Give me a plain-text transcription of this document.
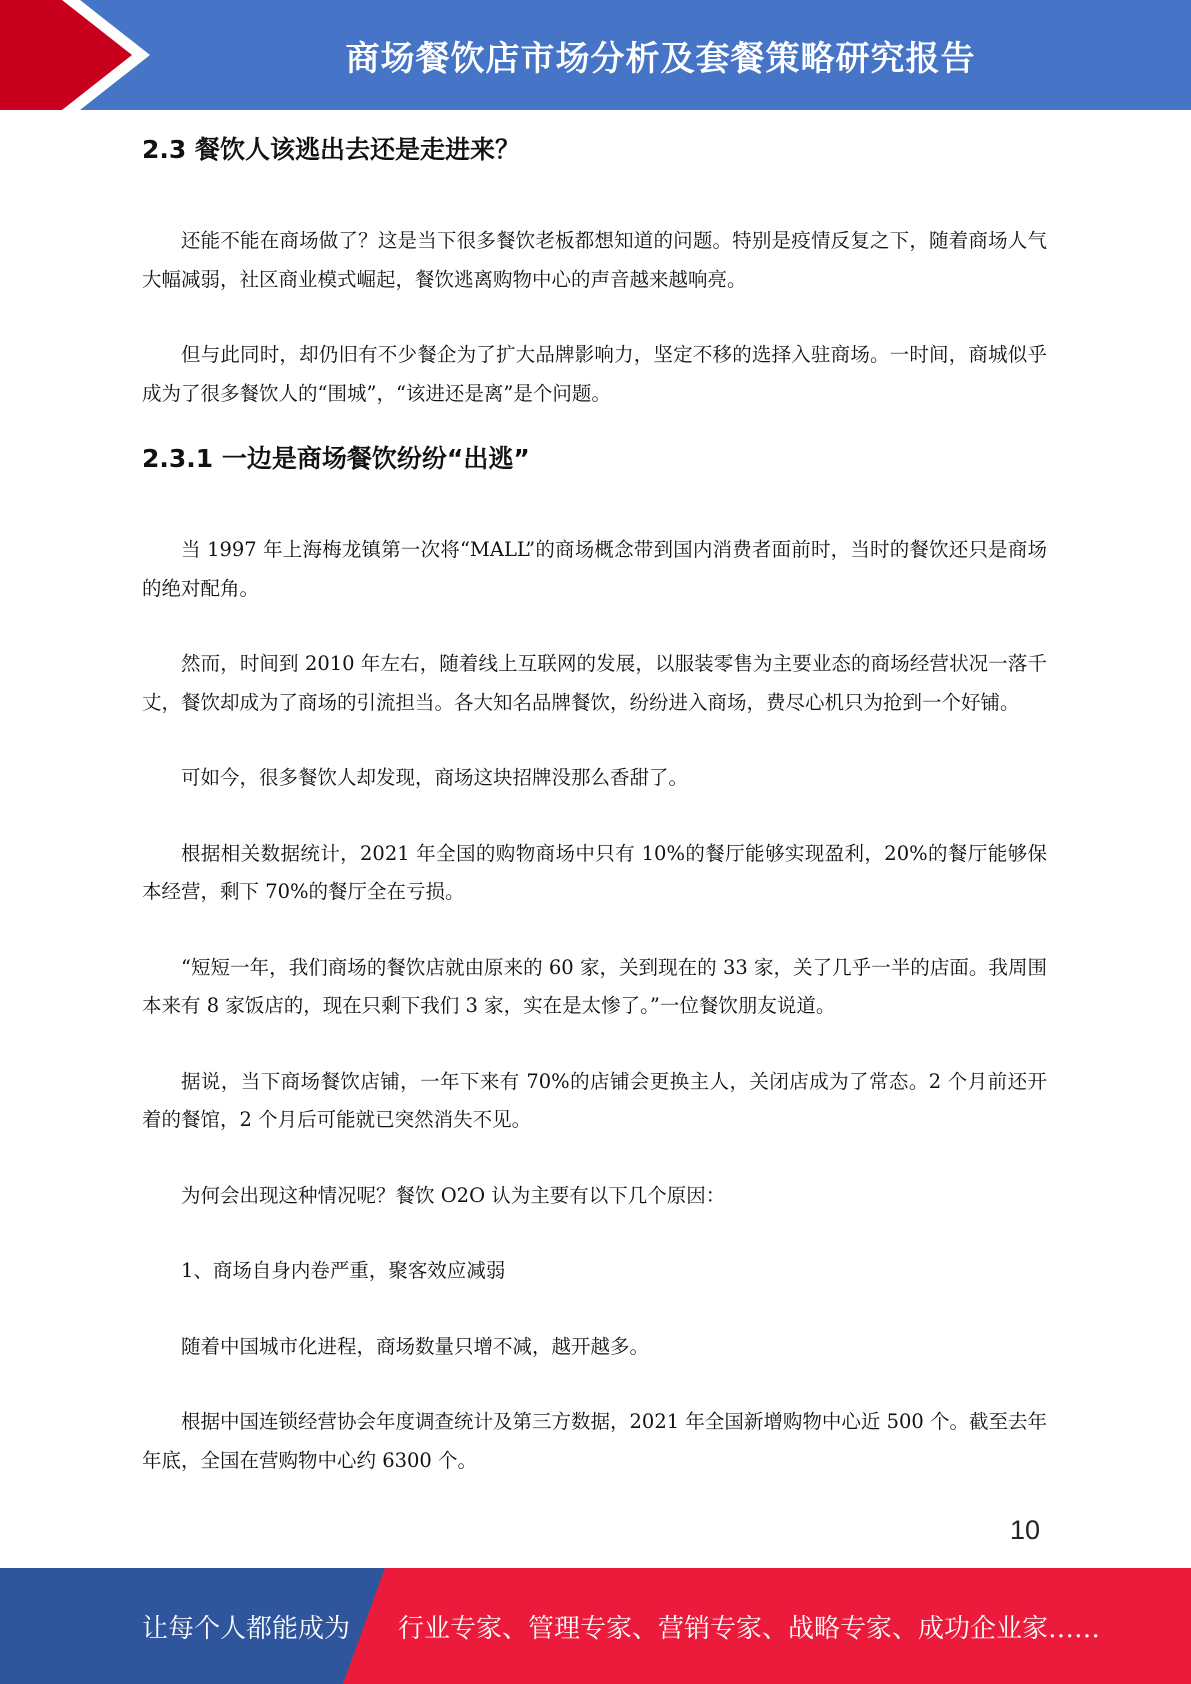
商场餐饮店市场分析及套餐策略研究报告
2.3 餐饮人该逃出去还是走进来？

还能不能在商场做了？这是当下很多餐饮老板都想知道的问题。特别是疫情反复之下，随着商场人气大幅减弱，社区商业模式崛起，餐饮逃离购物中心的声音越来越响亮。

但与此同时，却仍旧有不少餐企为了扩大品牌影响力，坚定不移的选择入驻商场。一时间，商城似乎成为了很多餐饮人的“围城”，“该进还是离”是个问题。

2.3.1 一边是商场餐饮纷纷“出逃”

当 1997 年上海梅龙镇第一次将“MALL”的商场概念带到国内消费者面前时，当时的餐饮还只是商场的绝对配角。

然而，时间到 2010 年左右，随着线上互联网的发展，以服装零售为主要业态的商场经营状况一落千丈，餐饮却成为了商场的引流担当。各大知名品牌餐饮，纷纷进入商场，费尽心机只为抢到一个好铺。

可如今，很多餐饮人却发现，商场这块招牌没那么香甜了。

根据相关数据统计，2021 年全国的购物商场中只有 10%的餐厅能够实现盈利，20%的餐厅能够保本经营，剩下 70%的餐厅全在亏损。

“短短一年，我们商场的餐饮店就由原来的 60 家，关到现在的 33 家，关了几乎一半的店面。我周围本来有 8 家饭店的，现在只剩下我们 3 家，实在是太惨了。”一位餐饮朋友说道。

据说，当下商场餐饮店铺，一年下来有 70%的店铺会更换主人，关闭店成为了常态。2 个月前还开着的餐馆，2 个月后可能就已突然消失不见。

为何会出现这种情况呢？餐饮 O2O 认为主要有以下几个原因：

1、商场自身内卷严重，聚客效应减弱

随着中国城市化进程，商场数量只增不减，越开越多。

根据中国连锁经营协会年度调查统计及第三方数据，2021 年全国新增购物中心近 500 个。截至去年年底，全国在营购物中心约 6300 个。

10
让每个人都能成为 行业专家、管理专家、营销专家、战略专家、成功企业家……
